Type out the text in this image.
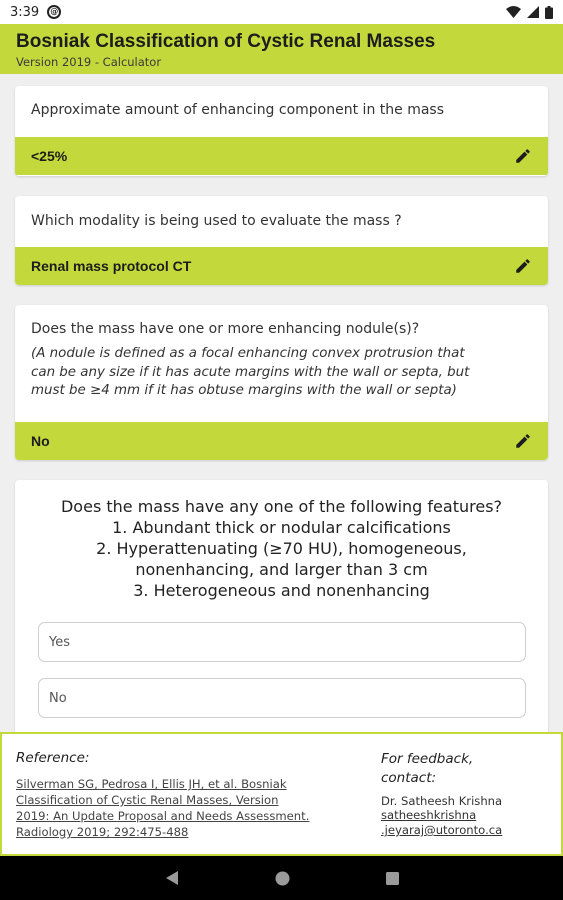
3:39	@
Bosniak Classification of Cystic Renal Masses
Version 2019 - Calculator
Approximate amount of enhancing component in the mass
<25%
Which modality is being used to evaluate the mass ?
Renal mass protocol CT
Does the mass have one or more enhancing nodule(s)?
(A nodule is defined as a focal enhancing convex protrusion that
can be any size if it has acute margins with the wall or septa, but
must be ≥4 mm if it has obtuse margins with the wall or septa)
No
Does the mass have any one of the following features?
1. Abundant thick or nodular calcifications
2. Hyperattenuating (≥70 HU), homogeneous,
nonenhancing, and larger than 3 cm
3. Heterogeneous and nonenhancing
Yes
No
Reference:
Silverman SG, Pedrosa I, Ellis JH, et al. Bosniak
Classification of Cystic Renal Masses, Version
2019: An Update Proposal and Needs Assessment.
Radiology 2019; 292:475-488
For feedback,
contact:
Dr. Satheesh Krishna
satheeshkrishna
.jeyaraj@utoronto.ca
